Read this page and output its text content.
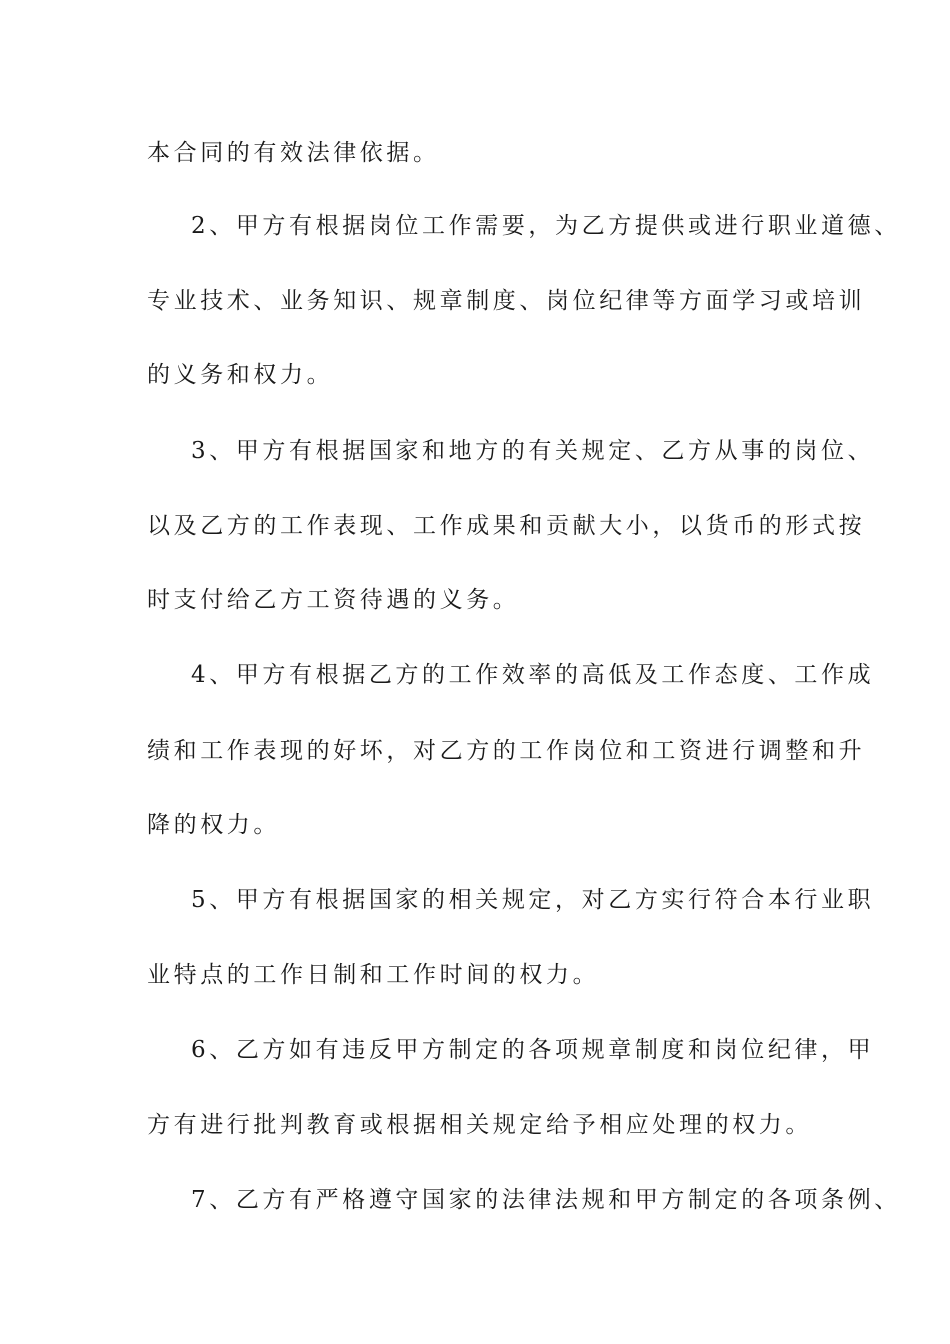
本合同的有效法律依据。
2、甲方有根据岗位工作需要，为乙方提供或进行职业道德、
专业技术、业务知识、规章制度、岗位纪律等方面学习或培训
的义务和权力。
3、甲方有根据国家和地方的有关规定、乙方从事的岗位、
以及乙方的工作表现、工作成果和贡献大小，以货币的形式按
时支付给乙方工资待遇的义务。
4、甲方有根据乙方的工作效率的高低及工作态度、工作成
绩和工作表现的好坏，对乙方的工作岗位和工资进行调整和升
降的权力。
5、甲方有根据国家的相关规定，对乙方实行符合本行业职
业特点的工作日制和工作时间的权力。
6、乙方如有违反甲方制定的各项规章制度和岗位纪律，甲
方有进行批判教育或根据相关规定给予相应处理的权力。
7、乙方有严格遵守国家的法律法规和甲方制定的各项条例、
